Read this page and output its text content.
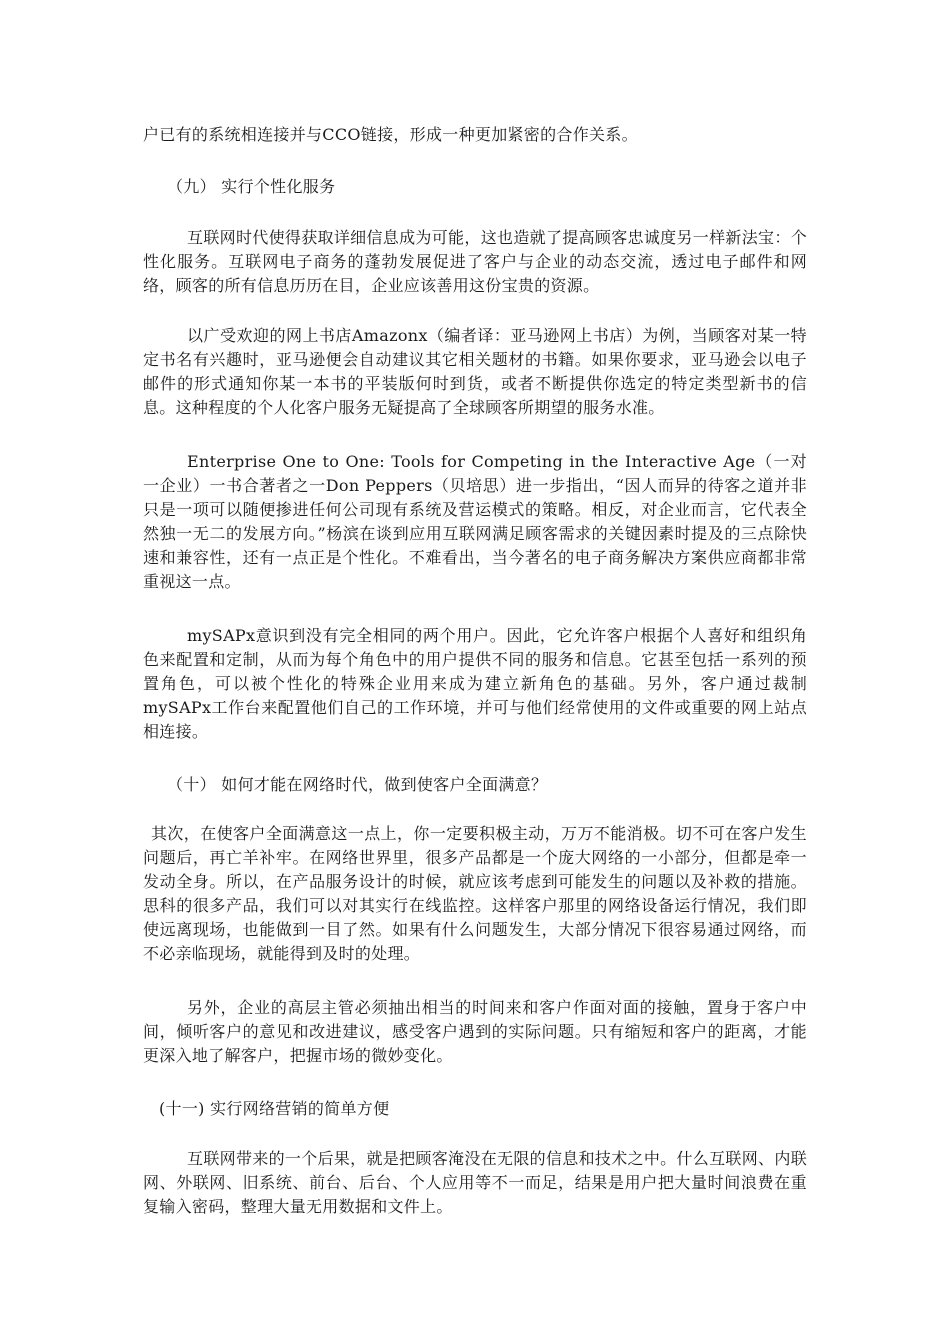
户已有的系统相连接并与CCO链接，形成一种更加紧密的合作关系。

（九） 实行个性化服务

互联网时代使得获取详细信息成为可能，这也造就了提高顾客忠诚度另一样新法宝：个性化服务。互联网电子商务的蓬勃发展促进了客户与企业的动态交流，透过电子邮件和网络，顾客的所有信息历历在目，企业应该善用这份宝贵的资源。

以广受欢迎的网上书店Amazonx（编者译：亚马逊网上书店）为例，当顾客对某一特定书名有兴趣时，亚马逊便会自动建议其它相关题材的书籍。如果你要求，亚马逊会以电子邮件的形式通知你某一本书的平装版何时到货，或者不断提供你选定的特定类型新书的信息。这种程度的个人化客户服务无疑提高了全球顾客所期望的服务水准。

Enterprise One to One: Tools for Competing in the Interactive Age（一对一企业）一书合著者之一Don Peppers（贝培思）进一步指出，“因人而异的待客之道并非只是一项可以随便掺进任何公司现有系统及营运模式的策略。相反，对企业而言，它代表全然独一无二的发展方向。”杨滨在谈到应用互联网满足顾客需求的关键因素时提及的三点除快速和兼容性，还有一点正是个性化。不难看出，当今著名的电子商务解决方案供应商都非常重视这一点。

mySAPx意识到没有完全相同的两个用户。因此，它允许客户根据个人喜好和组织角色来配置和定制，从而为每个角色中的用户提供不同的服务和信息。它甚至包括一系列的预置角色，可以被个性化的特殊企业用来成为建立新角色的基础。另外，客户通过裁制mySAPx工作台来配置他们自己的工作环境，并可与他们经常使用的文件或重要的网上站点相连接。

（十） 如何才能在网络时代，做到使客户全面满意？

其次，在使客户全面满意这一点上，你一定要积极主动，万万不能消极。切不可在客户发生问题后，再亡羊补牢。在网络世界里，很多产品都是一个庞大网络的一小部分，但都是牵一发动全身。所以，在产品服务设计的时候，就应该考虑到可能发生的问题以及补救的措施。思科的很多产品，我们可以对其实行在线监控。这样客户那里的网络设备运行情况，我们即使远离现场，也能做到一目了然。如果有什么问题发生，大部分情况下很容易通过网络，而不必亲临现场，就能得到及时的处理。

另外，企业的高层主管必须抽出相当的时间来和客户作面对面的接触，置身于客户中间，倾听客户的意见和改进建议，感受客户遇到的实际问题。只有缩短和客户的距离，才能更深入地了解客户，把握市场的微妙变化。

(十一) 实行网络营销的简单方便

互联网带来的一个后果，就是把顾客淹没在无限的信息和技术之中。什么互联网、内联网、外联网、旧系统、前台、后台、个人应用等不一而足，结果是用户把大量时间浪费在重复输入密码，整理大量无用数据和文件上。
